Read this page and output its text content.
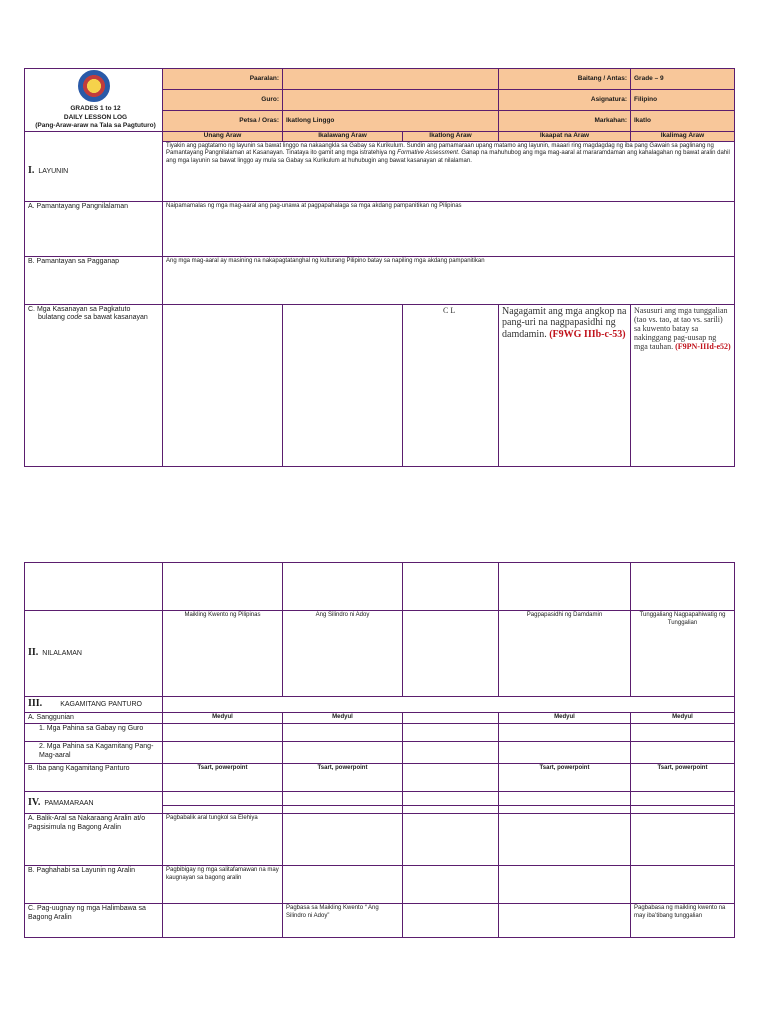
GRADES 1 to 12
DAILY LESSON LOG
(Pang-Araw-araw na Tala sa Pagtuturo)	Paaralan:		Baitang / Antas:	Grade – 9
	Guro:		Asignatura:	Filipino
	Petsa / Oras:	Ikatlong Linggo	Markahan:	Ikatlo
	Unang Araw	Ikalawang Araw	Ikatlong Araw	Ikaapat na Araw	Ikalimag Araw
I. LAYUNIN	Tiyakin ang pagtatamo ng layunin sa bawat linggo na nakaangkla sa Gabay sa Kurikulum. Sundin ang pamamaraan upang matamo ang layunin, maaari ring magdagdag ng iba pang Gawain sa paglinang ng Pamantayang Pangnilalaman at Kasanayan. Tinataya ito gamit ang mga istratehiya ng Formative Assessment. Ganap na mahuhubog ang mga mag-aaral at mararamdaman ang kahalagahan ng bawat aralin dahil ang mga layunin sa bawat linggo ay mula sa Gabay sa Kurikulum at huhubugin ang bawat kasanayan at nilalaman.				
A. Pamantayang Pangnilalaman	Naipamamalas ng mga mag-aaral ang pag-unawa at pagpapahalaga sa mga akdang pampanitikan ng Pilipinas				
B. Pamantayan sa Pagganap	Ang mga mag-aaral ay masining na nakapagtatanghal ng kulturang Pilipino batay sa napiling mga akdang pampanitikan				
C. Mga Kasanayan sa Pagkatuto
bulatang code sa bawat kasanayan			C L	Nagagamit ang mga angkop na pang-uri na nagpapasidhi ng damdamin. (F9WG IIIb-c-53)	Nasusuri ang mga tunggalian (tao vs. tao, at tao vs. sarili) sa kuwento batay sa nakinggang pag-uusap ng mga tauhan. (F9PN-IIId-e52)

II. NILALAMAN	Maikling Kwento ng Pilipinas	Ang Silindro ni Adoy		Pagpapasidhi ng Damdamin	Tunggaliang Nagpapahiwatig ng Tunggalian
III. KAGAMITANG PANTURO					
A. Sanggunian	Medyul	Medyul		Medyul	Medyul
1. Mga Pahina sa Gabay ng Guro					
2. Mga Pahina sa Kagamitang Pang-Mag-aaral					
B. Iba pang Kagamitang Panturo	Tsart, powerpoint	Tsart, powerpoint		Tsart, powerpoint	Tsart, powerpoint
IV. PAMAMARAAN					

A. Balik-Aral sa Nakaraang Aralin at/o Pagsisimula ng Bagong Aralin	Pagbabalik aral tungkol sa Elehiya				
B. Paghahabi sa Layunin ng Aralin	Pagbibigay ng mga salitafamawan na may kaugnayan sa bagong aralin				
C. Pag-uugnay ng mga Halimbawa sa Bagong Aralin		Pagbasa sa Maikling Kwento “ Ang Silindro ni Adoy”			Pagbabasa ng maikling kwento na may iba’tibang tunggalian
